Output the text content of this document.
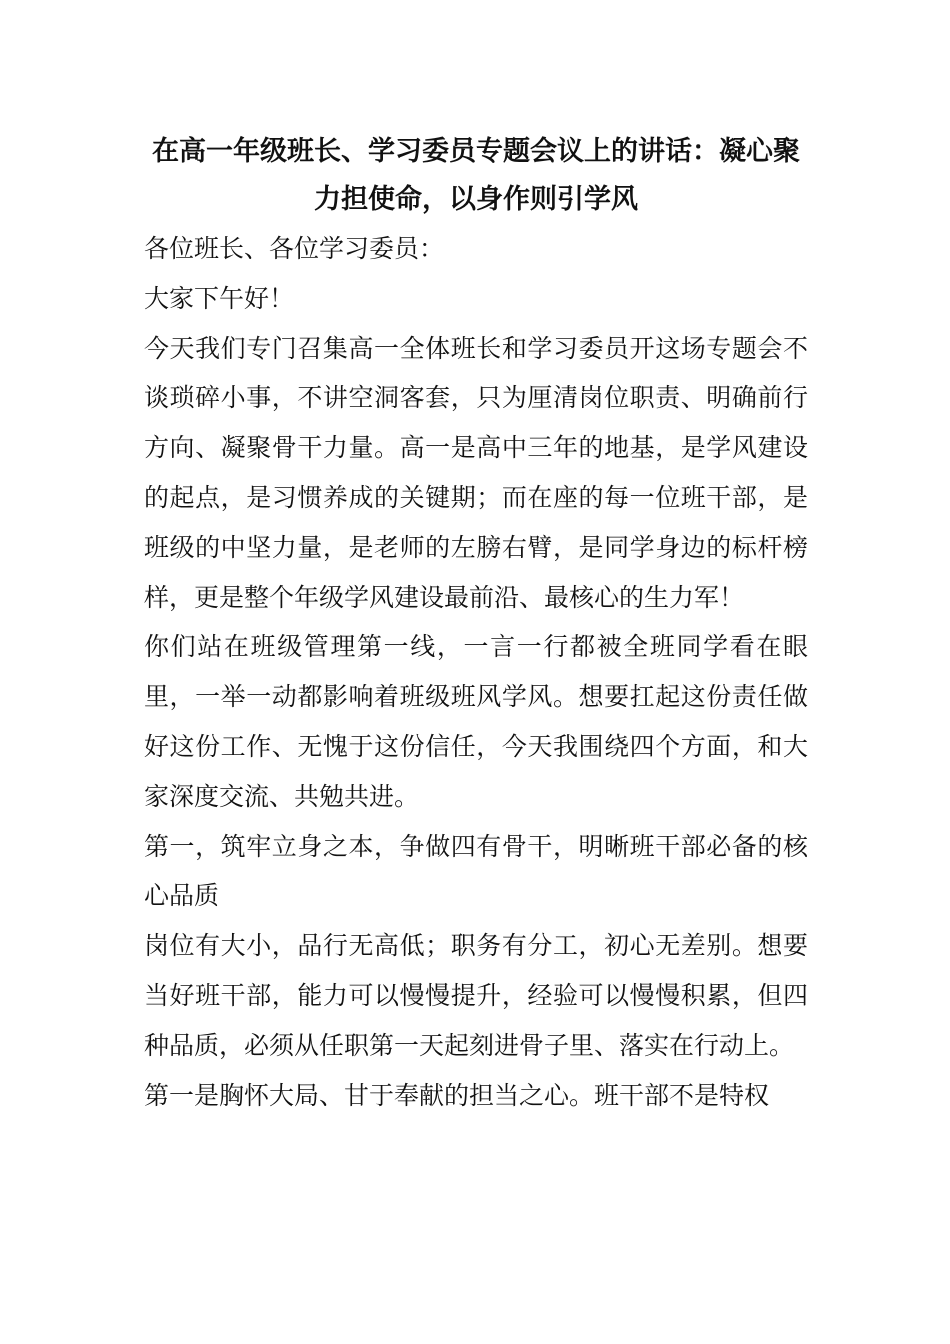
在高一年级班长、学习委员专题会议上的讲话：凝心聚力担使命，以身作则引学风

各位班长、各位学习委员：

大家下午好！

今天我们专门召集高一全体班长和学习委员开这场专题会不谈琐碎小事，不讲空洞客套，只为厘清岗位职责、明确前行方向、凝聚骨干力量。高一是高中三年的地基，是学风建设的起点，是习惯养成的关键期；而在座的每一位班干部，是班级的中坚力量，是老师的左膀右臂，是同学身边的标杆榜样，更是整个年级学风建设最前沿、最核心的生力军！

你们站在班级管理第一线，一言一行都被全班同学看在眼里，一举一动都影响着班级班风学风。想要扛起这份责任做好这份工作、无愧于这份信任，今天我围绕四个方面，和大家深度交流、共勉共进。

第一，筑牢立身之本，争做四有骨干，明晰班干部必备的核心品质

岗位有大小，品行无高低；职务有分工，初心无差别。想要当好班干部，能力可以慢慢提升，经验可以慢慢积累，但四种品质，必须从任职第一天起刻进骨子里、落实在行动上。

第一是胸怀大局、甘于奉献的担当之心。班干部不是特权
